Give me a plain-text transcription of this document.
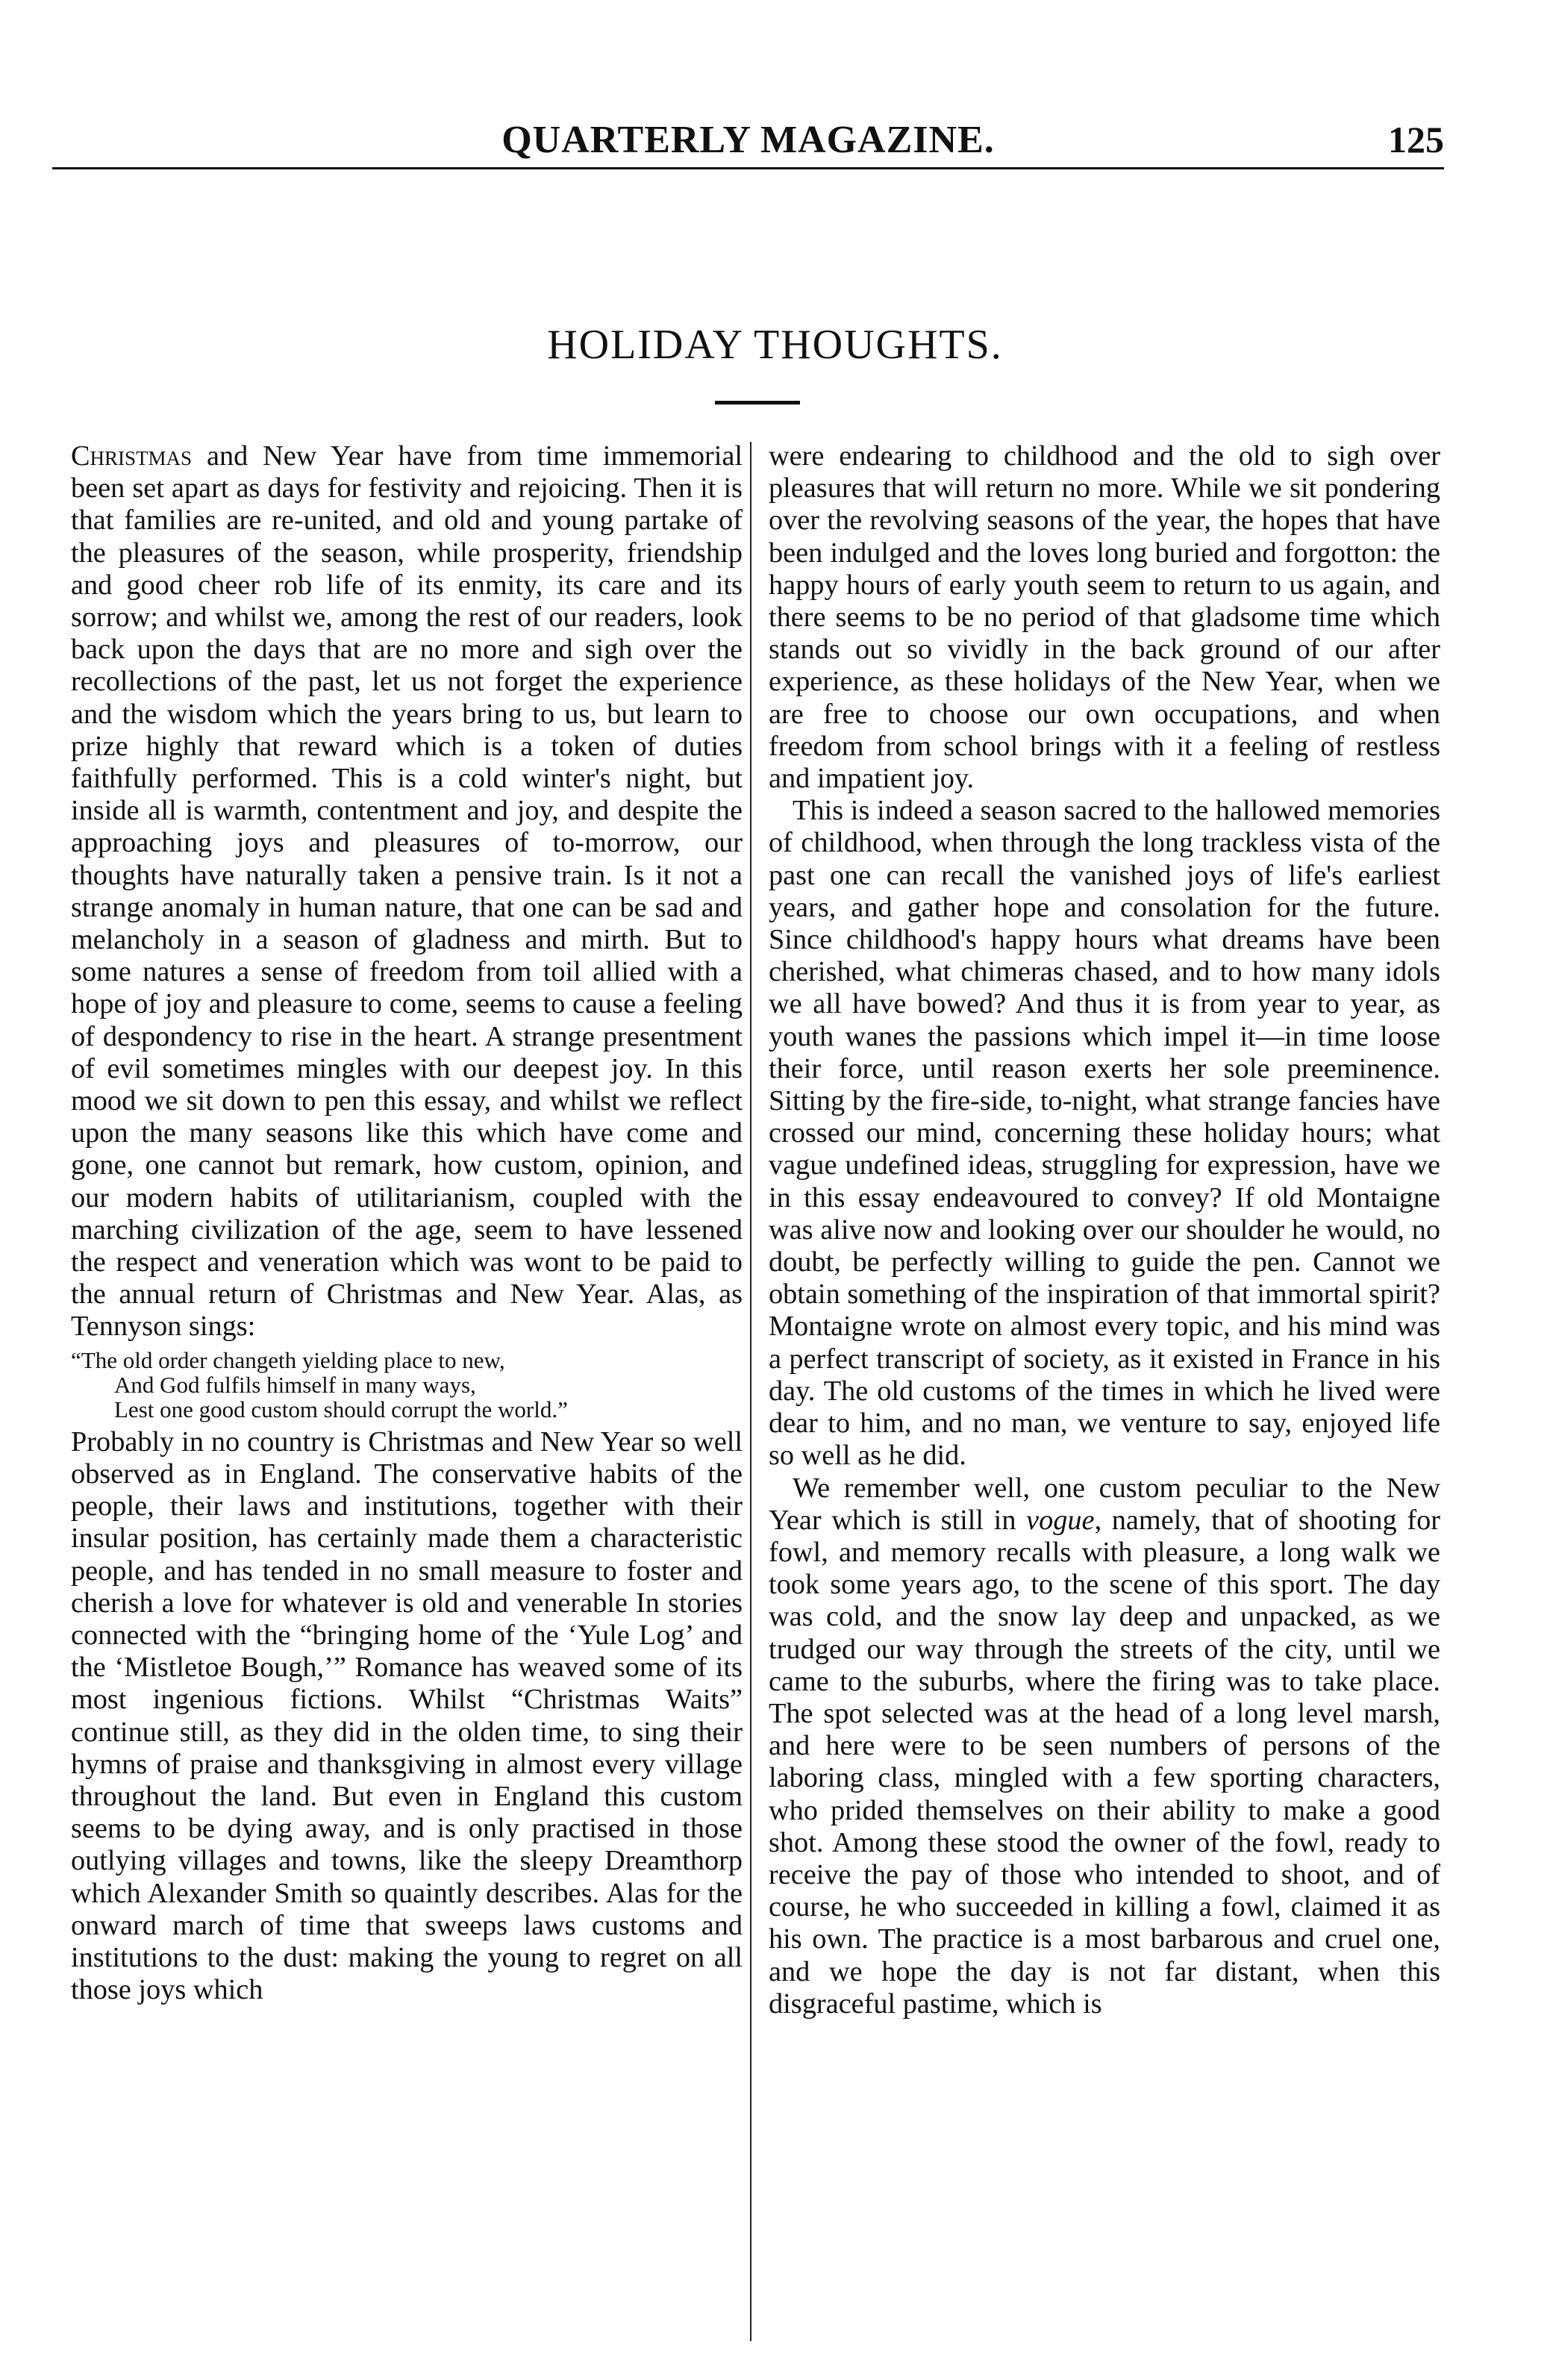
QUARTERLY MAGAZINE.	125
HOLIDAY THOUGHTS.

Christmas and New Year have from time immemorial been set apart as days for festivity and rejoicing. Then it is that families are re-united, and old and young partake of the pleasures of the season, while prosperity, friendship and good cheer rob life of its enmity, its care and its sorrow; and whilst we, among the rest of our readers, look back upon the days that are no more and sigh over the recollections of the past, let us not forget the experience and the wisdom which the years bring to us, but learn to prize highly that reward which is a token of duties faithfully performed. This is a cold winter's night, but inside all is warmth, contentment and joy, and despite the approaching joys and pleasures of to-morrow, our thoughts have naturally taken a pensive train. Is it not a strange anomaly in human nature, that one can be sad and melancholy in a season of gladness and mirth. But to some natures a sense of freedom from toil allied with a hope of joy and pleasure to come, seems to cause a feeling of despondency to rise in the heart. A strange presentment of evil sometimes mingles with our deepest joy. In this mood we sit down to pen this essay, and whilst we reflect upon the many seasons like this which have come and gone, one cannot but remark, how custom, opinion, and our modern habits of utilitarianism, coupled with the marching civilization of the age, seem to have lessened the respect and veneration which was wont to be paid to the annual return of Christmas and New Year. Alas, as Tennyson sings:

“The old order changeth yielding place to new,
And God fulfils himself in many ways,
Lest one good custom should corrupt the world.”

Probably in no country is Christmas and New Year so well observed as in England. The conservative habits of the people, their laws and institutions, together with their insular position, has certainly made them a characteristic people, and has tended in no small measure to foster and cherish a love for whatever is old and venerable In stories connected with the “bringing home of the ‘Yule Log’ and the ‘Mistletoe Bough,’” Romance has weaved some of its most ingenious fictions. Whilst “Christmas Waits” continue still, as they did in the olden time, to sing their hymns of praise and thanksgiving in almost every village throughout the land. But even in England this custom seems to be dying away, and is only practised in those outlying villages and towns, like the sleepy Dreamthorp which Alexander Smith so quaintly describes. Alas for the onward march of time that sweeps laws customs and institutions to the dust: making the young to regret on all those joys which

were endearing to childhood and the old to sigh over pleasures that will return no more. While we sit pondering over the revolving seasons of the year, the hopes that have been indulged and the loves long buried and forgotton: the happy hours of early youth seem to return to us again, and there seems to be no period of that gladsome time which stands out so vividly in the back ground of our after experience, as these holidays of the New Year, when we are free to choose our own occupations, and when freedom from school brings with it a feeling of restless and impatient joy.

This is indeed a season sacred to the hallowed memories of childhood, when through the long trackless vista of the past one can recall the vanished joys of life's earliest years, and gather hope and consolation for the future. Since childhood's happy hours what dreams have been cherished, what chimeras chased, and to how many idols we all have bowed? And thus it is from year to year, as youth wanes the passions which impel it—in time loose their force, until reason exerts her sole preeminence. Sitting by the fire-side, to-night, what strange fancies have crossed our mind, concerning these holiday hours; what vague undefined ideas, struggling for expression, have we in this essay endeavoured to convey? If old Montaigne was alive now and looking over our shoulder he would, no doubt, be perfectly willing to guide the pen. Cannot we obtain something of the inspiration of that immortal spirit? Montaigne wrote on almost every topic, and his mind was a perfect transcript of society, as it existed in France in his day. The old customs of the times in which he lived were dear to him, and no man, we venture to say, enjoyed life so well as he did.

We remember well, one custom peculiar to the New Year which is still in vogue, namely, that of shooting for fowl, and memory recalls with pleasure, a long walk we took some years ago, to the scene of this sport. The day was cold, and the snow lay deep and unpacked, as we trudged our way through the streets of the city, until we came to the suburbs, where the firing was to take place. The spot selected was at the head of a long level marsh, and here were to be seen numbers of persons of the laboring class, mingled with a few sporting characters, who prided themselves on their ability to make a good shot. Among these stood the owner of the fowl, ready to receive the pay of those who intended to shoot, and of course, he who succeeded in killing a fowl, claimed it as his own. The practice is a most barbarous and cruel one, and we hope the day is not far distant, when this disgraceful pastime, which is
